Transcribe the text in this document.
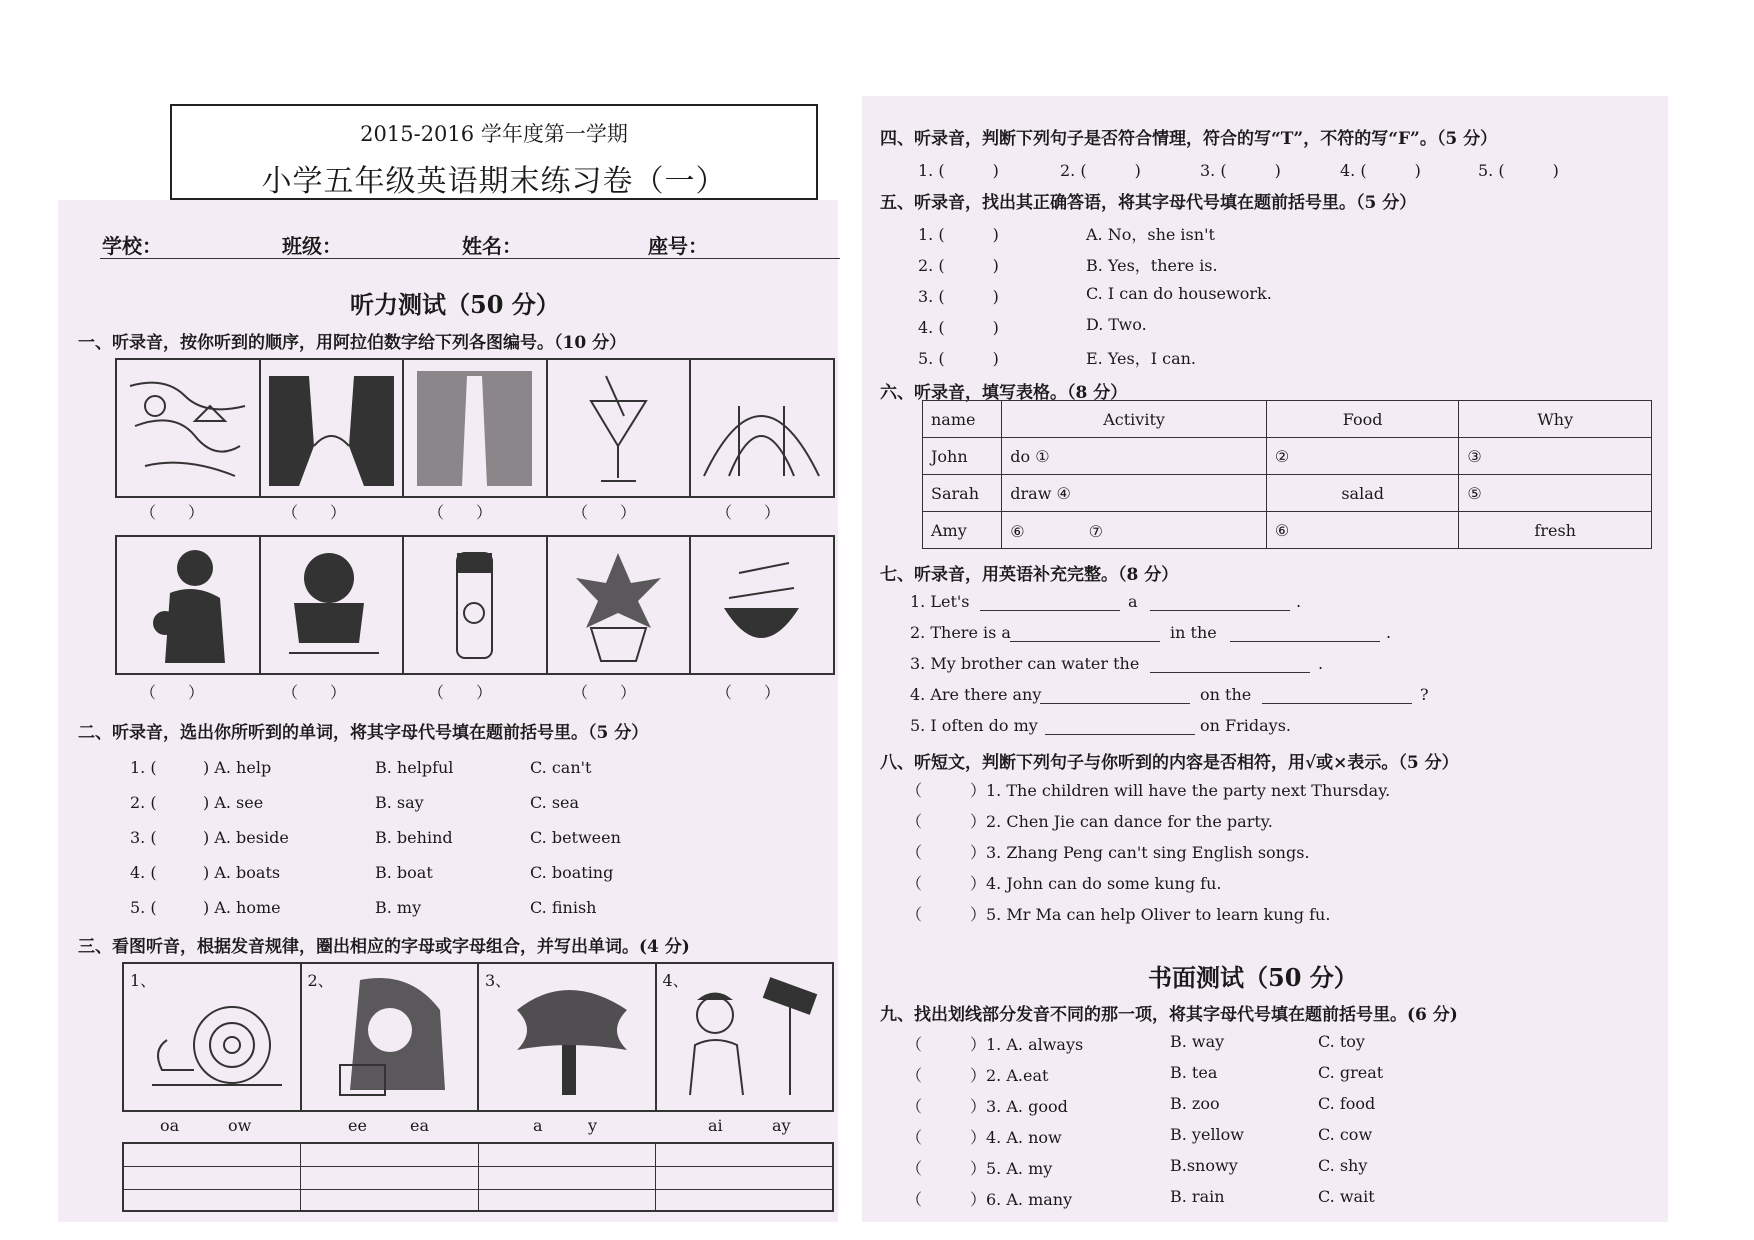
2015-2016 学年度第一学期
小学五年级英语期末练习卷（一）
学校：	班级：	姓名：	座号：
听力测试（50 分）
一、听录音，按你听到的顺序，用阿拉伯数字给下列各图编号。（10 分）
（　　）	（　　）	（　　）	（　　）	（　　）
（　　）	（　　）	（　　）	（　　）	（　　）
二、听录音，选出你所听到的单词，将其字母代号填在题前括号里。（5 分）
1. (	) A. help	B. helpful	C. can't
2. (	) A. see	B. say	C. sea
3. (	) A. beside	B. behind	C. between
4. (	) A. boats	B. boat	C. boating
5. (	) A. home	B. my	C. finish
三、看图听音，根据发音规律，圈出相应的字母或字母组合，并写出单词。(4 分)
1、	2、	3、	4、
oa	ow	ee	ea	a	y	ai	ay
四、听录音，判断下列句子是否符合情理，符合的写“T”，不符的写“F”。（5 分）
1. (　　　)	2. (　　　)	3. (　　　)	4. (　　　)	5. (　　　)
五、听录音，找出其正确答语，将其字母代号填在题前括号里。（5 分）
1. (　　　)	A. No，she isn't
2. (　　　)	B. Yes，there is.
3. (　　　)	C. I can do housework.
4. (　　　)	D. Two.
5. (　　　)	E. Yes，I can.
六、听录音，填写表格。（8 分）
name	Activity	Food	Why
John	do ①	②	③
Sarah	draw ④	salad	⑤
Amy	⑥　　　　⑦	⑥	fresh
七、听录音，用英语补充完整。（8 分）
1. Let's	a	.
2. There is a	in the	.
3. My brother can water the	.
4. Are there any	on the	?
5. I often do my	on Fridays.
八、听短文，判断下列句子与你听到的内容是否相符，用√或×表示。（5 分）
（　　　）1. The children will have the party next Thursday.
（　　　）2. Chen Jie can dance for the party.
（　　　）3. Zhang Peng can't sing English songs.
（　　　）4. John can do some kung fu.
（　　　）5. Mr Ma can help Oliver to learn kung fu.
书面测试（50 分）
九、找出划线部分发音不同的那一项，将其字母代号填在题前括号里。(6 分)
（　　　）1. A. always	B. way	C. toy
（　　　）2. A.eat	B. tea	C. great
（　　　）3. A. good	B. zoo	C. food
（　　　）4. A. now	B. yellow	C. cow
（　　　）5. A. my	B.snowy	C. shy
（　　　）6. A. many	B. rain	C. wait
